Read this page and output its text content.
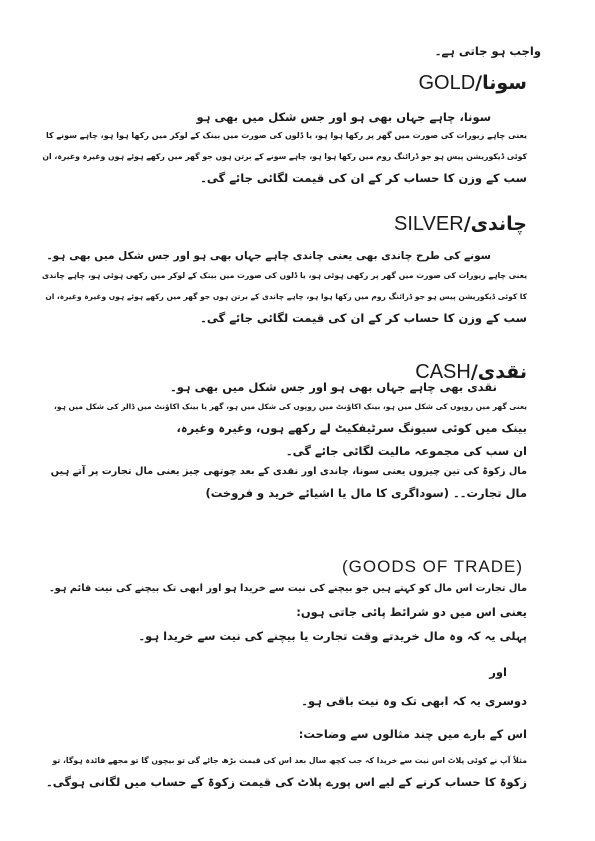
واجب ہو جاتی ہے۔
سونا/GOLD
سونا، چاہے جہاں بھی ہو اور جس شکل میں بھی ہو
یعنی چاہے زیورات کی صورت میں گھر پر رکھا ہوا ہو، یا ڈلوں کی صورت میں بینک کے لوکر میں رکھا ہوا ہو، چاہے سونے کا
کوئی ڈیکوریشن پیس ہو جو ڈرائنگ روم میں رکھا ہوا ہو، چاہے سونے کے برتن ہوں جو گھر میں رکھے ہوئے ہوں وغیرہ وغیرہ، ان
سب کے وزن کا حساب کر کے ان کی قیمت لگائی جائے گی۔
چاندی/SILVER
سونے کی طرح چاندی بھی یعنی چاندی چاہے جہاں بھی ہو اور جس شکل میں بھی ہو۔
یعنی چاہے زیورات کی صورت میں گھر پر رکھی ہوئی ہو، یا ڈلوں کی صورت میں بینک کے لوکر میں رکھی ہوئی ہو، چاہے چاندی
کا کوئی ڈیکوریشن پیس ہو جو ڈرائنگ روم میں رکھا ہوا ہو، چاہے چاندی کے برتن ہوں جو گھر میں رکھے ہوئے ہوں وغیرہ وغیرہ، ان
سب کے وزن کا حساب کر کے ان کی قیمت لگائی جائے گی۔
نقدی/CASH
نقدی بھی چاہے جہاں بھی ہو اور جس شکل میں بھی ہو۔
یعنی گھر میں روپوں کی شکل میں ہو، بینک اکاؤنٹ میں روپوں کی شکل میں ہو، گھر یا بینک اکاؤنٹ میں ڈالر کی شکل میں ہو،
بینک میں کوئی سیونگ سرٹیفکیٹ لے رکھے ہوں، وغیرہ وغیرہ،
ان سب کی مجموعہ مالیت لگائی جائے گی۔
مال زکوۃ کی تین چیزوں یعنی سونا، چاندی اور نقدی کے بعد چوتھی چیز یعنی مال تجارت پر آتے ہیں
مال تجارت۔۔ (سوداگری کا مال یا اشیائے خرید و فروخت)
(GOODS OF TRADE)
مال تجارت اس مال کو کہتے ہیں جو بیچنے کی نیت سے خریدا ہو اور ابھی تک بیچنے کی نیت قائم ہو۔
یعنی اس میں دو شرائط پائی جاتی ہوں:
پہلی یہ کہ وہ مال خریدتے وقت تجارت یا بیچنے کی نیت سے خریدا ہو۔
اور
دوسری یہ کہ ابھی تک وہ نیت باقی ہو۔
اس کے بارے میں چند مثالوں سے وضاحت:
مثلاً آپ نے کوئی پلاٹ اس نیت سے خریدا کہ جب کچھ سال بعد اس کی قیمت بڑھ جائے گی تو بیچوں گا تو مجھے فائدہ ہوگا، تو
زکوۃ کا حساب کرنے کے لیے اس پورے پلاٹ کی قیمت زکوۃ کے حساب میں لگانی ہوگی۔
